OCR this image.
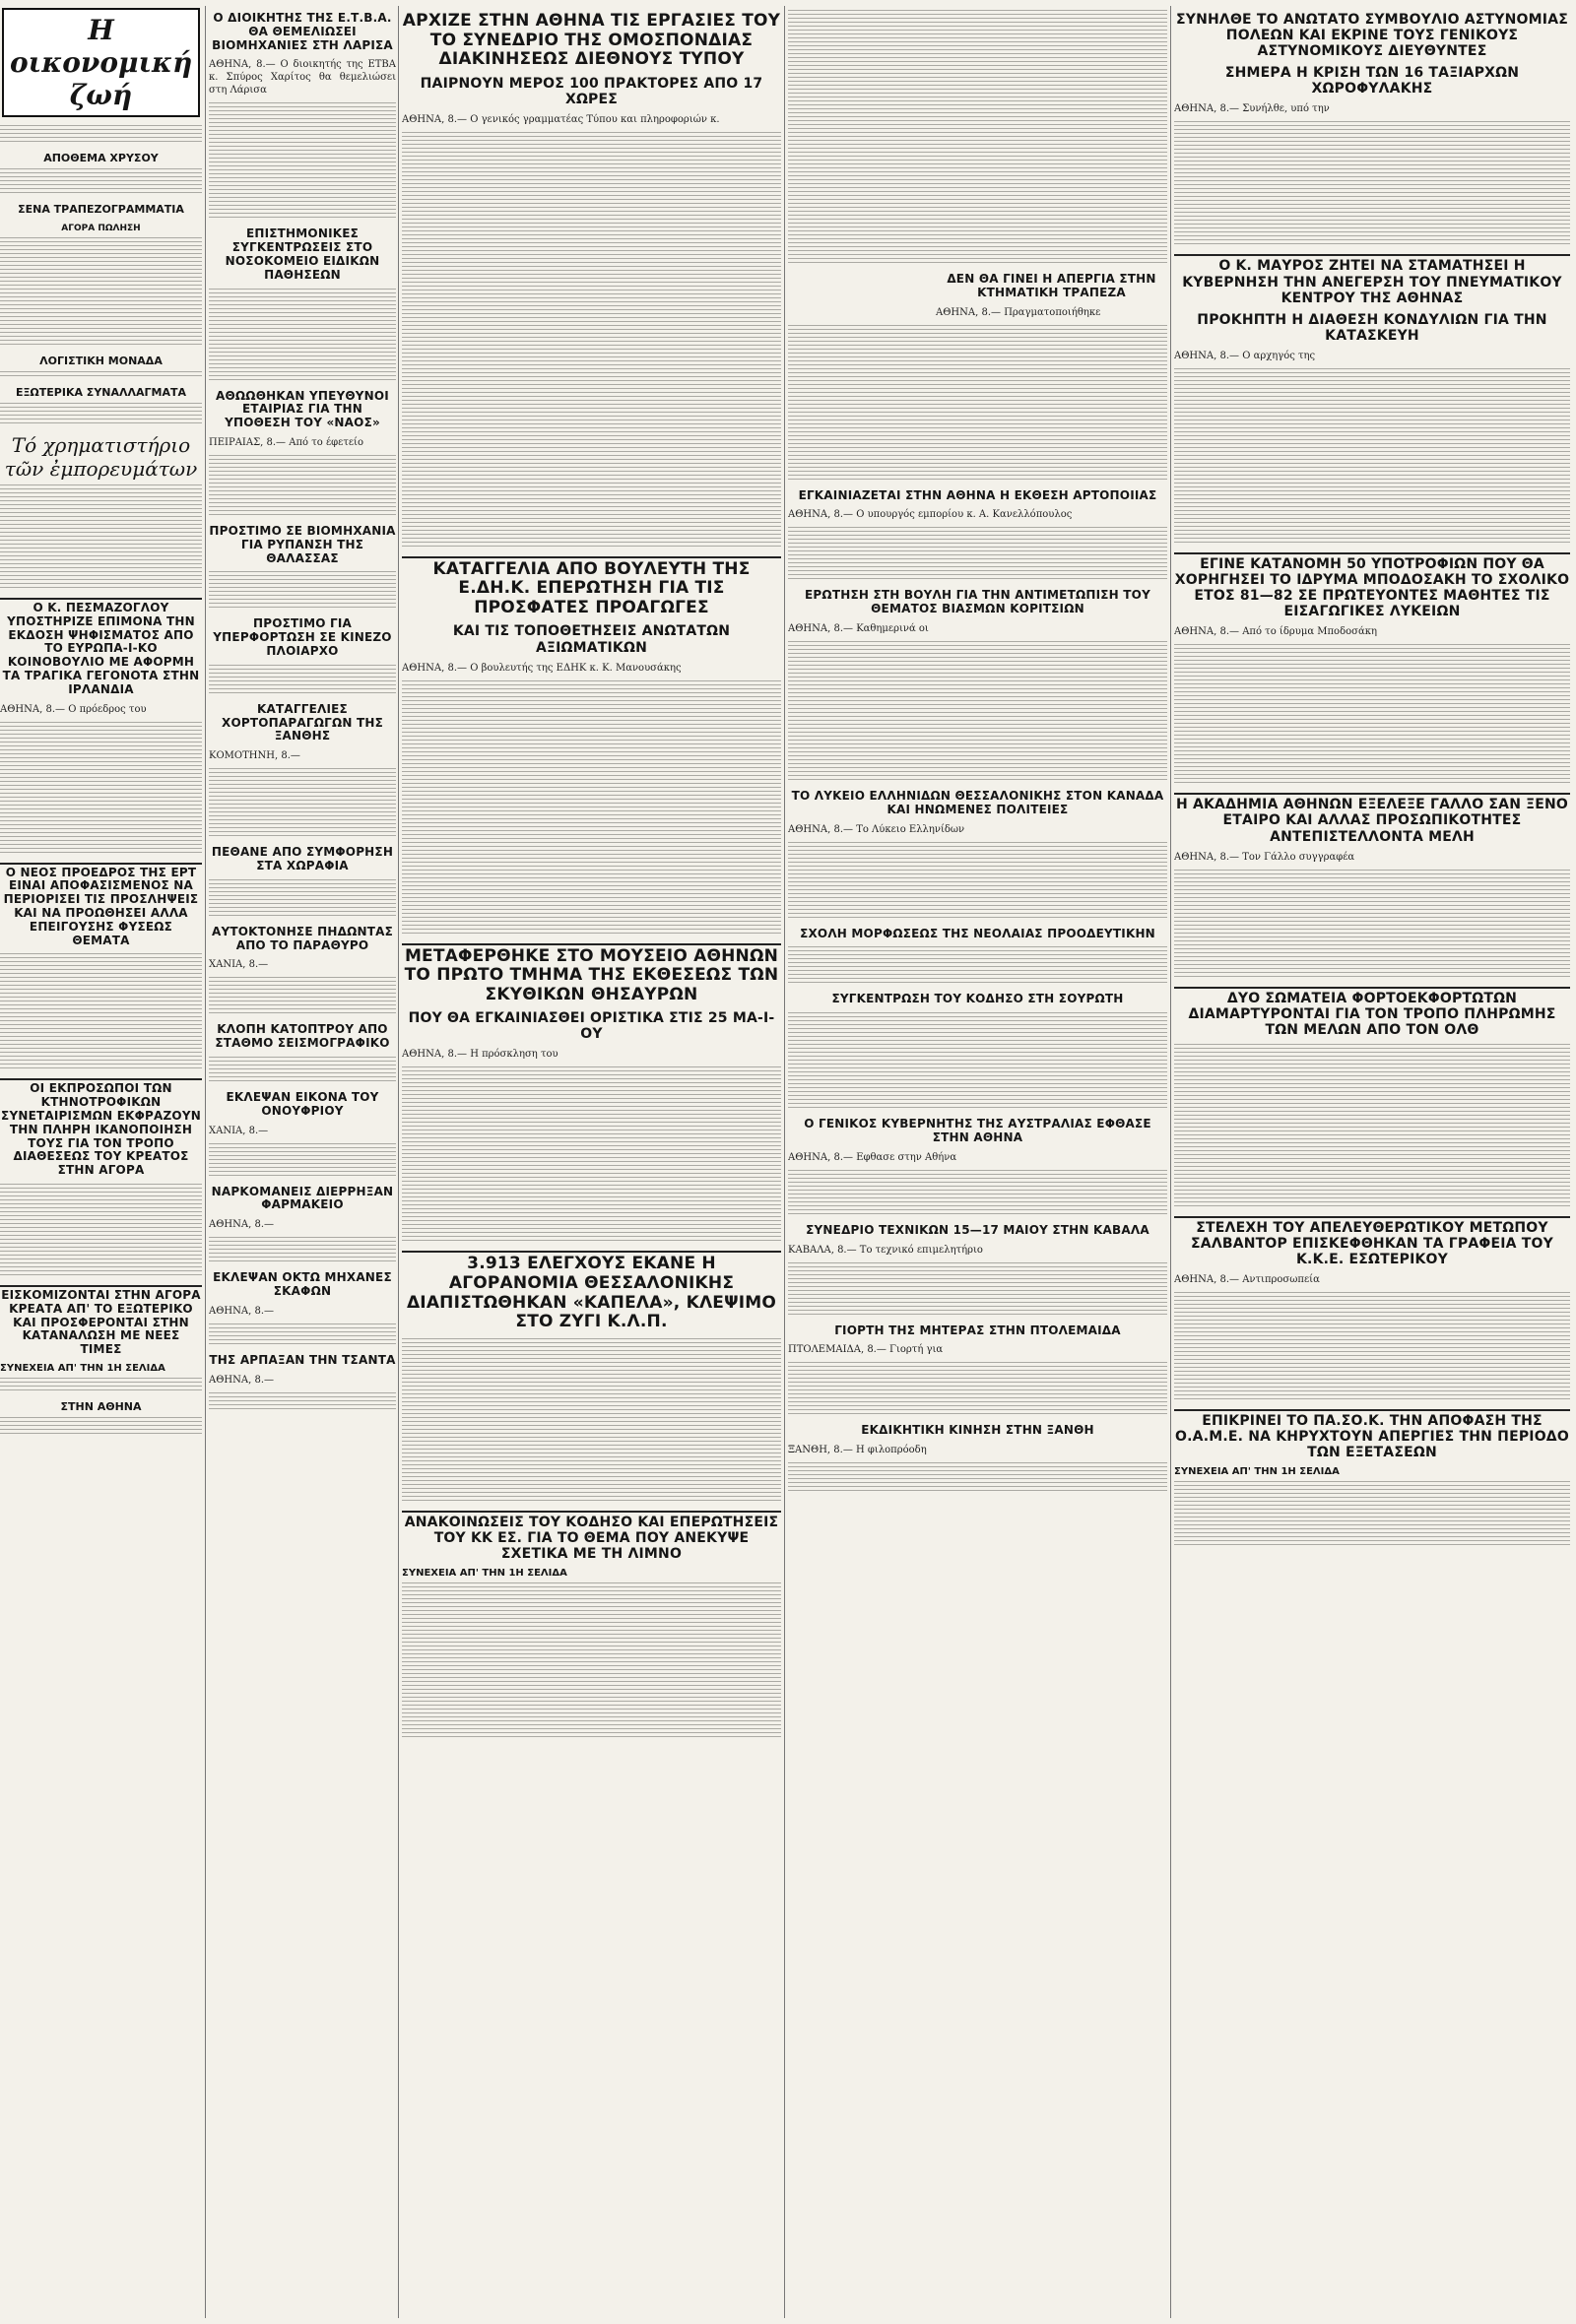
Η οικονομική ζωή
ΑΠΟΘΕΜΑ ΧΡΥΣΟΥ
ΣΕΝΑ ΤΡΑΠΕΖΟΓΡΑΜΜΑΤΙΑ
ΑΓΟΡΑ ΠΩΛΗΣΗ
ΛΟΓΙΣΤΙΚΗ ΜΟΝΑΔΑ
ΕΞΩΤΕΡΙΚΑ ΣΥΝΑΛΛΑΓΜΑΤΑ
Τό χρηματιστήριο τῶν ἐμπορευμάτων
Ο Κ. ΠΕΣΜΑΖΟΓΛΟΥ ΥΠΟΣΤΗΡΙΖΕ ΕΠΙΜΟΝΑ ΤΗΝ ΕΚΔΟΣΗ ΨΗΦΙΣΜΑΤΟΣ ΑΠΟ ΤΟ ΕΥΡΩΠΑ-Ι-ΚΟ ΚΟΙΝΟΒΟΥΛΙΟ ΜΕ ΑΦΟΡΜΗ ΤΑ ΤΡΑΓΙΚΑ ΓΕΓΟΝΟΤΑ ΣΤΗΝ ΙΡΛΑΝΔΙΑ
ΑΘΗΝΑ, 8.— Ο πρόεδρος του
Ο ΝΕΟΣ ΠΡΟΕΔΡΟΣ ΤΗΣ ΕΡΤ ΕΙΝΑΙ ΑΠΟΦΑΣΙΣΜΕΝΟΣ ΝΑ ΠΕΡΙΟΡΙΣΕΙ ΤΙΣ ΠΡΟΣΛΗΨΕΙΣ ΚΑΙ ΝΑ ΠΡΟΩΘΗΣΕΙ ΑΛΛΑ ΕΠΕΙΓΟΥΣΗΣ ΦΥΣΕΩΣ ΘΕΜΑΤΑ
ΟΙ ΕΚΠΡΟΣΩΠΟΙ ΤΩΝ ΚΤΗΝΟΤΡΟΦΙΚΩΝ ΣΥΝΕΤΑΙΡΙΣΜΩΝ ΕΚΦΡΑΖΟΥΝ ΤΗΝ ΠΛΗΡΗ ΙΚΑΝΟΠΟΙΗΣΗ ΤΟΥΣ ΓΙΑ ΤΟΝ ΤΡΟΠΟ ΔΙΑΘΕΣΕΩΣ ΤΟΥ ΚΡΕΑΤΟΣ ΣΤΗΝ ΑΓΟΡΑ
ΕΙΣΚΟΜΙΖΟΝΤΑΙ ΣΤΗΝ ΑΓΟΡΑ ΚΡΕΑΤΑ ΑΠ' ΤΟ ΕΞΩΤΕΡΙΚΟ ΚΑΙ ΠΡΟΣΦΕΡΟΝΤΑΙ ΣΤΗΝ ΚΑΤΑΝΑΛΩΣΗ ΜΕ ΝΕΕΣ ΤΙΜΕΣ
ΣΥΝΕΧΕΙΑ ΑΠ' ΤΗΝ 1Η ΣΕΛΙΔΑ
ΣΤΗΝ ΑΘΗΝΑ
Ο ΔΙΟΙΚΗΤΗΣ ΤΗΣ Ε.Τ.Β.Α. ΘΑ ΘΕΜΕΛΙΩΣΕΙ ΒΙΟΜΗΧΑΝΙΕΣ ΣΤΗ ΛΑΡΙΣΑ
ΑΘΗΝΑ, 8.— Ο διοικητής της ΕΤΒΑ κ. Σπύρος Χαρίτος θα θεμελιώσει στη Λάρισα
ΕΠΙΣΤΗΜΟΝΙΚΕΣ ΣΥΓΚΕΝΤΡΩΣΕΙΣ ΣΤΟ ΝΟΣΟΚΟΜΕΙΟ ΕΙΔΙΚΩΝ ΠΑΘΗΣΕΩΝ
ΑΘΩΩΘΗΚΑΝ ΥΠΕΥΘΥΝΟΙ ΕΤΑΙΡΙΑΣ ΓΙΑ ΤΗΝ ΥΠΟΘΕΣΗ ΤΟΥ «ΝΑΟΣ»
ΠΕΙΡΑΙΑΣ, 8.— Από το έφετείο
ΠΡΟΣΤΙΜΟ ΣΕ ΒΙΟΜΗΧΑΝΙΑ ΓΙΑ ΡΥΠΑΝΣΗ ΤΗΣ ΘΑΛΑΣΣΑΣ
ΠΡΟΣΤΙΜΟ ΓΙΑ ΥΠΕΡΦΟΡΤΩΣΗ ΣΕ ΚΙΝΕΖΟ ΠΛΟΙΑΡΧΟ
ΚΑΤΑΓΓΕΛΙΕΣ ΧΟΡΤΟΠΑΡΑΓΩΓΩΝ ΤΗΣ ΞΑΝΘΗΣ
ΚΟΜΟΤΗΝΗ, 8.—
ΠΕΘΑΝΕ ΑΠΟ ΣΥΜΦΟΡΗΣΗ ΣΤΑ ΧΩΡΑΦΙΑ
ΑΥΤΟΚΤΟΝΗΣΕ ΠΗΔΩΝΤΑΣ ΑΠΟ ΤΟ ΠΑΡΑΘΥΡΟ
ΧΑΝΙΑ, 8.—
ΚΛΟΠΗ ΚΑΤΟΠΤΡΟΥ ΑΠΟ ΣΤΑΘΜΟ ΣΕΙΣΜΟΓΡΑΦΙΚΟ
ΕΚΛΕΨΑΝ ΕΙΚΟΝΑ ΤΟΥ ΟΝΟΥΦΡΙΟΥ
ΧΑΝΙΑ, 8.—
ΝΑΡΚΟΜΑΝΕΙΣ ΔΙΕΡΡΗΞΑΝ ΦΑΡΜΑΚΕΙΟ
ΑΘΗΝΑ, 8.—
ΕΚΛΕΨΑΝ ΟΚΤΩ ΜΗΧΑΝΕΣ ΣΚΑΦΩΝ
ΑΘΗΝΑ, 8.—
ΤΗΣ ΑΡΠΑΞΑΝ ΤΗΝ ΤΣΑΝΤΑ
ΑΘΗΝΑ, 8.—
ΑΡΧΙΖΕ ΣΤΗΝ ΑΘΗΝΑ ΤΙΣ ΕΡΓΑΣΙΕΣ ΤΟΥ ΤΟ ΣΥΝΕΔΡΙΟ ΤΗΣ ΟΜΟΣΠΟΝΔΙΑΣ ΔΙΑΚΙΝΗΣΕΩΣ ΔΙΕΘΝΟΥΣ ΤΥΠΟΥ
ΠΑΙΡΝΟΥΝ ΜΕΡΟΣ 100 ΠΡΑΚΤΟΡΕΣ ΑΠΟ 17 ΧΩΡΕΣ
ΑΘΗΝΑ, 8.— Ο γενικός γραμματέας Τύπου και πληροφοριών κ.
ΚΑΤΑΓΓΕΛΙΑ ΑΠΟ ΒΟΥΛΕΥΤΗ ΤΗΣ Ε.ΔΗ.Κ. ΕΠΕΡΩΤΗΣΗ ΓΙΑ ΤΙΣ ΠΡΟΣΦΑΤΕΣ ΠΡΟΑΓΩΓΕΣ
ΚΑΙ ΤΙΣ ΤΟΠΟΘΕΤΗΣΕΙΣ ΑΝΩΤΑΤΩΝ ΑΞΙΩΜΑΤΙΚΩΝ
ΑΘΗΝΑ, 8.— Ο βουλευτής της ΕΔΗΚ κ. Κ. Μανουσάκης
ΜΕΤΑΦΕΡΘΗΚΕ ΣΤΟ ΜΟΥΣΕΙΟ ΑΘΗΝΩΝ ΤΟ ΠΡΩΤΟ ΤΜΗΜΑ ΤΗΣ ΕΚΘΕΣΕΩΣ ΤΩΝ ΣΚΥΘΙΚΩΝ ΘΗΣΑΥΡΩΝ
ΠΟΥ ΘΑ ΕΓΚΑΙΝΙΑΣΘΕΙ ΟΡΙΣΤΙΚΑ ΣΤΙΣ 25 ΜΑ-Ι-ΟΥ
ΑΘΗΝΑ, 8.— Η πρόσκληση του
3.913 ΕΛΕΓΧΟΥΣ ΕΚΑΝΕ Η ΑΓΟΡΑΝΟΜΙΑ ΘΕΣΣΑΛΟΝΙΚΗΣ ΔΙΑΠΙΣΤΩΘΗΚΑΝ «ΚΑΠΕΛΑ», ΚΛΕΨΙΜΟ ΣΤΟ ΖΥΓΙ Κ.Λ.Π.
ΑΝΑΚΟΙΝΩΣΕΙΣ ΤΟΥ ΚΟΔΗΣΟ ΚΑΙ ΕΠΕΡΩΤΗΣΕΙΣ ΤΟΥ ΚΚ ΕΣ. ΓΙΑ ΤΟ ΘΕΜΑ ΠΟΥ ΑΝΕΚΥΨΕ ΣΧΕΤΙΚΑ ΜΕ ΤΗ ΛΙΜΝΟ
ΣΥΝΕΧΕΙΑ ΑΠ' ΤΗΝ 1Η ΣΕΛΙΔΑ
ΔΕΝ ΘΑ ΓΙΝΕΙ Η ΑΠΕΡΓΙΑ ΣΤΗΝ ΚΤΗΜΑΤΙΚΗ ΤΡΑΠΕΖΑ
ΑΘΗΝΑ, 8.— Πραγματοποιήθηκε
ΕΓΚΑΙΝΙΑΖΕΤΑΙ ΣΤΗΝ ΑΘΗΝΑ Η ΕΚΘΕΣΗ ΑΡΤΟΠΟΙΙΑΣ
ΑΘΗΝΑ, 8.— Ο υπουργός εμπορίου κ. Α. Κανελλόπουλος
ΕΡΩΤΗΣΗ ΣΤΗ ΒΟΥΛΗ ΓΙΑ ΤΗΝ ΑΝΤΙΜΕΤΩΠΙΣΗ ΤΟΥ ΘΕΜΑΤΟΣ ΒΙΑΣΜΩΝ ΚΟΡΙΤΣΙΩΝ
ΑΘΗΝΑ, 8.— Καθημερινά οι
ΤΟ ΛΥΚΕΙΟ ΕΛΛΗΝΙΔΩΝ ΘΕΣΣΑΛΟΝΙΚΗΣ ΣΤΟΝ ΚΑΝΑΔΑ ΚΑΙ ΗΝΩΜΕΝΕΣ ΠΟΛΙΤΕΙΕΣ
ΑΘΗΝΑ, 8.— Το Λύκειο Ελληνίδων
ΣΧΟΛΗ ΜΟΡΦΩΣΕΩΣ ΤΗΣ ΝΕΟΛΑΙΑΣ ΠΡΟΟΔΕΥΤΙΚΗΝ
ΣΥΓΚΕΝΤΡΩΣΗ ΤΟΥ ΚΟΔΗΣΟ ΣΤΗ ΣΟΥΡΩΤΗ
Ο ΓΕΝΙΚΟΣ ΚΥΒΕΡΝΗΤΗΣ ΤΗΣ ΑΥΣΤΡΑΛΙΑΣ ΕΦΘΑΣΕ ΣΤΗΝ ΑΘΗΝΑ
ΑΘΗΝΑ, 8.— Εφθασε στην Αθήνα
ΣΥΝΕΔΡΙΟ ΤΕΧΝΙΚΩΝ 15—17 ΜΑΙΟΥ ΣΤΗΝ ΚΑΒΑΛΑ
ΚΑΒΑΛΑ, 8.— Το τεχνικό επιμελητήριο
ΓΙΟΡΤΗ ΤΗΣ ΜΗΤΕΡΑΣ ΣΤΗΝ ΠΤΟΛΕΜΑΙΔΑ
ΠΤΟΛΕΜΑΙΔΑ, 8.— Γιορτή για
ΕΚΔΙΚΗΤΙΚΗ ΚΙΝΗΣΗ ΣΤΗΝ ΞΑΝΘΗ
ΞΑΝΘΗ, 8.— Η φιλοπρόοδη
ΣΥΝΗΛΘΕ ΤΟ ΑΝΩΤΑΤΟ ΣΥΜΒΟΥΛΙΟ ΑΣΤΥΝΟΜΙΑΣ ΠΟΛΕΩΝ ΚΑΙ ΕΚΡΙΝΕ ΤΟΥΣ ΓΕΝΙΚΟΥΣ ΑΣΤΥΝΟΜΙΚΟΥΣ ΔΙΕΥΘΥΝΤΕΣ
ΣΗΜΕΡΑ Η ΚΡΙΣΗ ΤΩΝ 16 ΤΑΞΙΑΡΧΩΝ ΧΩΡΟΦΥΛΑΚΗΣ
ΑΘΗΝΑ, 8.— Συνήλθε, υπό την
Ο Κ. ΜΑΥΡΟΣ ΖΗΤΕΙ ΝΑ ΣΤΑΜΑΤΗΣΕΙ Η ΚΥΒΕΡΝΗΣΗ ΤΗΝ ΑΝΕΓΕΡΣΗ ΤΟΥ ΠΝΕΥΜΑΤΙΚΟΥ ΚΕΝΤΡΟΥ ΤΗΣ ΑΘΗΝΑΣ
ΠΡΟΚΗΠΤΗ Η ΔΙΑΘΕΣΗ ΚΟΝΔΥΛΙΩΝ ΓΙΑ ΤΗΝ ΚΑΤΑΣΚΕΥΗ
ΑΘΗΝΑ, 8.— Ο αρχηγός της
ΕΓΙΝΕ ΚΑΤΑΝΟΜΗ 50 ΥΠΟΤΡΟΦΙΩΝ ΠΟΥ ΘΑ ΧΟΡΗΓΗΣΕΙ ΤΟ ΙΔΡΥΜΑ ΜΠΟΔΟΣΑΚΗ ΤΟ ΣΧΟΛΙΚΟ ΕΤΟΣ 81—82 ΣΕ ΠΡΩΤΕΥΟΝΤΕΣ ΜΑΘΗΤΕΣ ΤΙΣ ΕΙΣΑΓΩΓΙΚΕΣ ΛΥΚΕΙΩΝ
ΑΘΗΝΑ, 8.— Από το ίδρυμα Μποδοσάκη
Η ΑΚΑΔΗΜΙΑ ΑΘΗΝΩΝ ΕΞΕΛΕΞΕ ΓΑΛΛΟ ΣΑΝ ΞΕΝΟ ΕΤΑΙΡΟ ΚΑΙ ΑΛΛΑΣ ΠΡΟΣΩΠΙΚΟΤΗΤΕΣ ΑΝΤΕΠΙΣΤΕΛΛΟΝΤΑ ΜΕΛΗ
ΑΘΗΝΑ, 8.— Τον Γάλλο συγγραφέα
ΔΥΟ ΣΩΜΑΤΕΙΑ ΦΟΡΤΟΕΚΦΟΡΤΩΤΩΝ ΔΙΑΜΑΡΤΥΡΟΝΤΑΙ ΓΙΑ ΤΟΝ ΤΡΟΠΟ ΠΛΗΡΩΜΗΣ ΤΩΝ ΜΕΛΩΝ ΑΠΟ ΤΟΝ ΟΛΘ
ΣΤΕΛΕΧΗ ΤΟΥ ΑΠΕΛΕΥΘΕΡΩΤΙΚΟΥ ΜΕΤΩΠΟΥ ΣΑΛΒΑΝΤΟΡ ΕΠΙΣΚΕΦΘΗΚΑΝ ΤΑ ΓΡΑΦΕΙΑ ΤΟΥ Κ.Κ.Ε. ΕΣΩΤΕΡΙΚΟΥ
ΑΘΗΝΑ, 8.— Αντιπροσωπεία
ΕΠΙΚΡΙΝΕΙ ΤΟ ΠΑ.ΣΟ.Κ. ΤΗΝ ΑΠΟΦΑΣΗ ΤΗΣ Ο.Α.Μ.Ε. ΝΑ ΚΗΡΥΧΤΟΥΝ ΑΠΕΡΓΙΕΣ ΤΗΝ ΠΕΡΙΟΔΟ ΤΩΝ ΕΞΕΤΑΣΕΩΝ
ΣΥΝΕΧΕΙΑ ΑΠ' ΤΗΝ 1Η ΣΕΛΙΔΑ
